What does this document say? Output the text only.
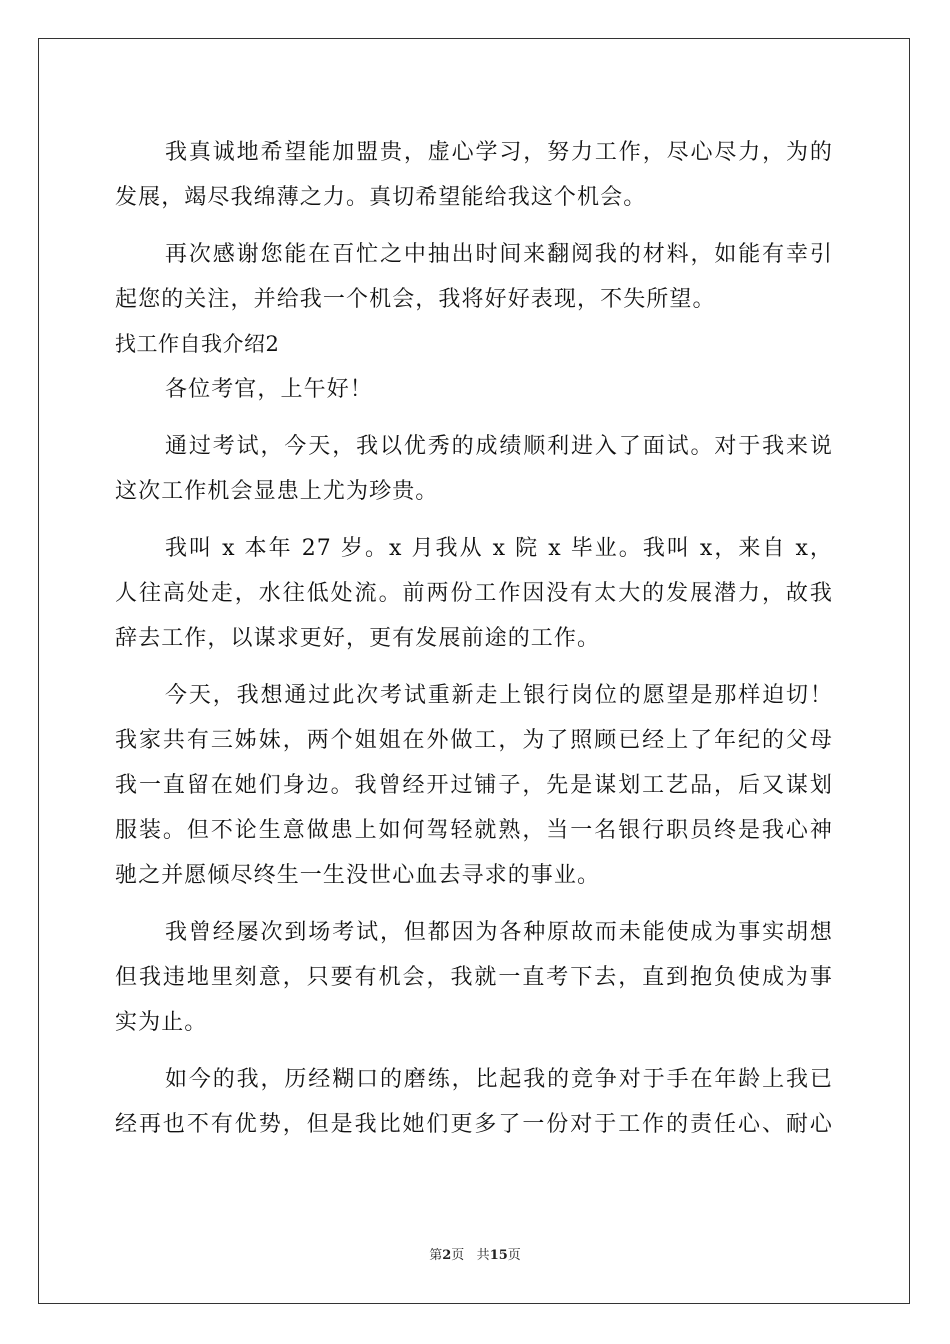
我真诚地希望能加盟贵，虚心学习，努力工作，尽心尽力，为的
发展，竭尽我绵薄之力。真切希望能给我这个机会。
再次感谢您能在百忙之中抽出时间来翻阅我的材料，如能有幸引
起您的关注，并给我一个机会，我将好好表现，不失所望。
找工作自我介绍2
各位考官，上午好！
通过考试，今天，我以优秀的成绩顺利进入了面试。对于我来说
这次工作机会显患上尤为珍贵。
我叫 x 本年 27 岁。x 月我从 x 院 x 毕业。我叫 x，来自 x，
人往高处走，水往低处流。前两份工作因没有太大的发展潜力，故我
辞去工作，以谋求更好，更有发展前途的工作。
今天，我想通过此次考试重新走上银行岗位的愿望是那样迫切！
我家共有三姊妹，两个姐姐在外做工，为了照顾已经上了年纪的父母
我一直留在她们身边。我曾经开过铺子，先是谋划工艺品，后又谋划
服装。但不论生意做患上如何驾轻就熟，当一名银行职员终是我心神
驰之并愿倾尽终生一生没世心血去寻求的事业。
我曾经屡次到场考试，但都因为各种原故而未能使成为事实胡想
但我违地里刻意，只要有机会，我就一直考下去，直到抱负使成为事
实为止。
如今的我，历经糊口的磨练，比起我的竞争对于手在年龄上我已
经再也不有优势，但是我比她们更多了一份对于工作的责任心、耐心
第2页 共15页
